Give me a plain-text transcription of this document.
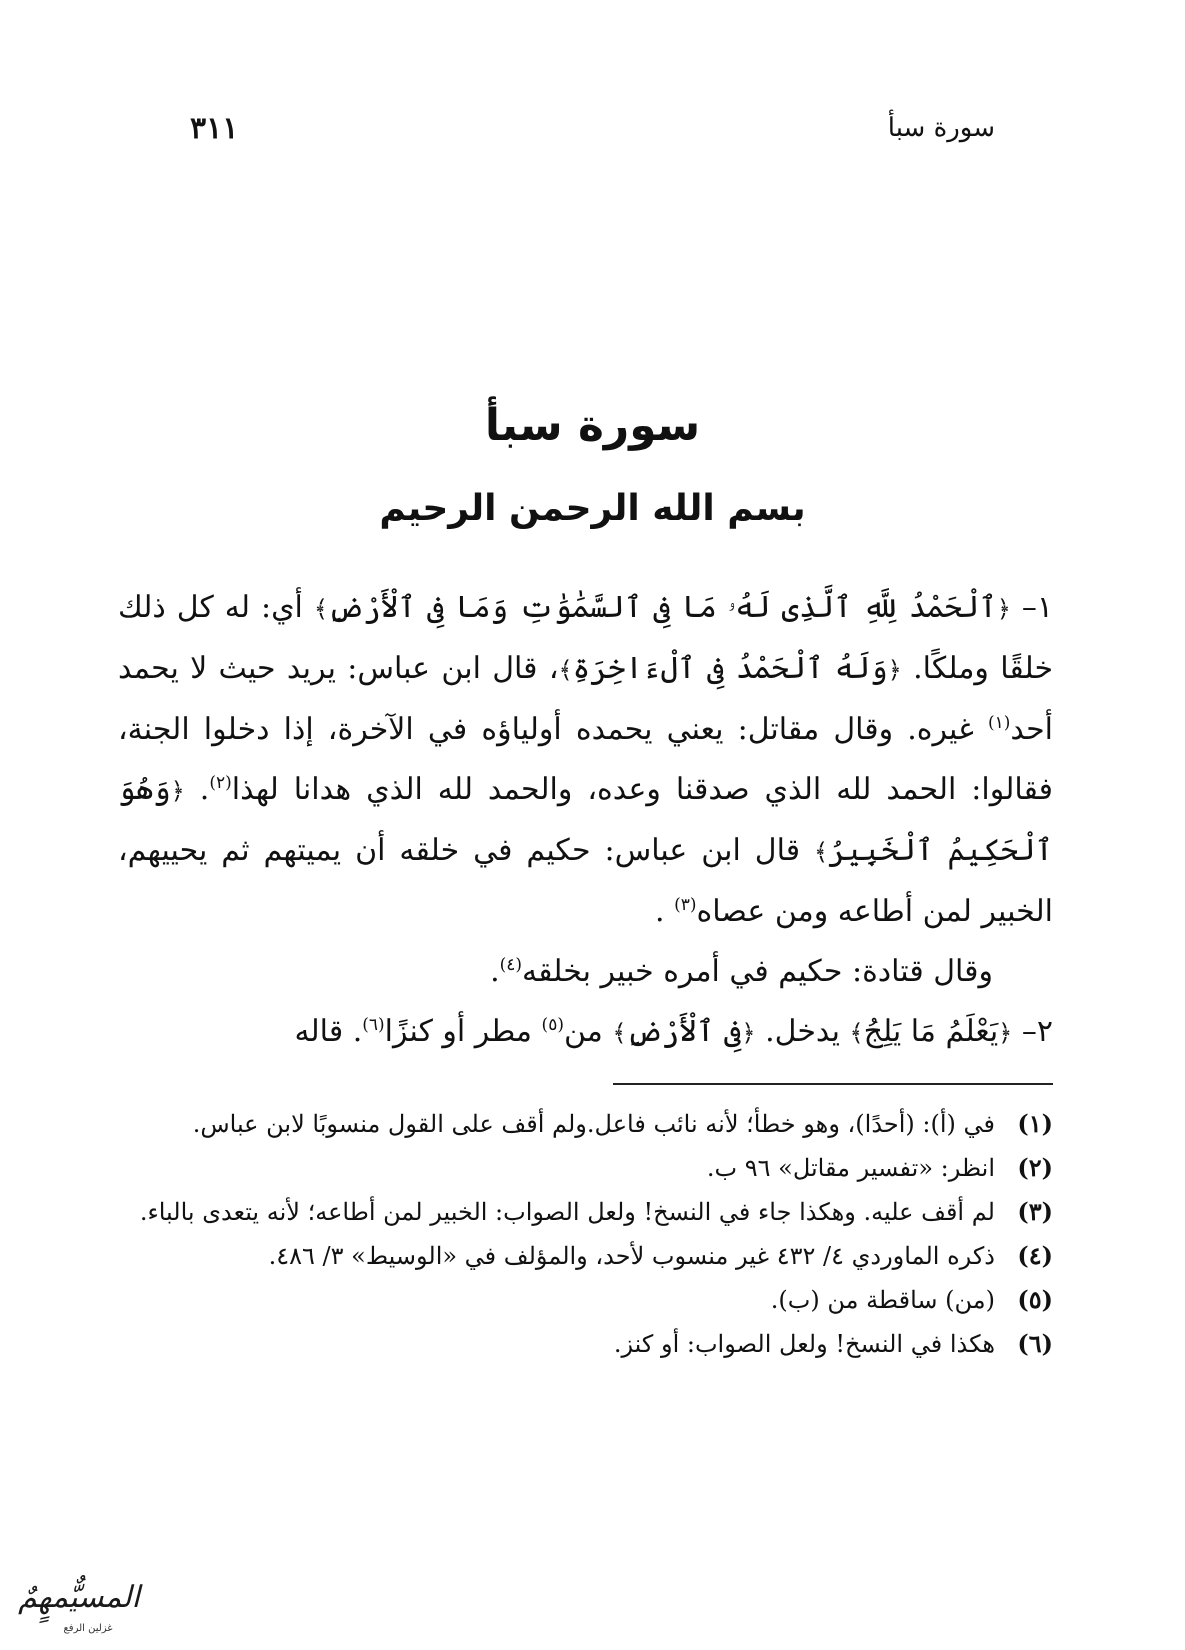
سورة سبأ
٣١١
سورة سبأ
بسم الله الرحمن الرحيم

١– ﴿ٱلْحَمْدُ لِلَّهِ ٱلَّذِى لَهُۥ مَا فِى ٱلسَّمَٰوَٰتِ وَمَا فِى ٱلْأَرْضِ﴾ أي: له كل ذلك خلقًا وملكًا. ﴿وَلَهُ ٱلْحَمْدُ فِى ٱلْءَاخِرَةِ﴾، قال ابن عباس: يريد حيث لا يحمد أحد$^{(١)}$ غيره. وقال مقاتل: يعني يحمده أولياؤه في الآخرة، إذا دخلوا الجنة، فقالوا: الحمد لله الذي صدقنا وعده، والحمد لله الذي هدانا لهذا$^{(٢)}$. ﴿وَهُوَ ٱلْحَكِيمُ ٱلْخَبِيرُ﴾ قال ابن عباس: حكيم في خلقه أن يميتهم ثم يحييهم، الخبير لمن أطاعه ومن عصاه$^{(٣)}$ .

وقال قتادة: حكيم في أمره خبير بخلقه$^{(٤)}$.

٢– ﴿يَعْلَمُ مَا يَلِجُ﴾ يدخل. ﴿فِى ٱلْأَرْضِ﴾ من$^{(٥)}$ مطر أو كنزًا$^{(٦)}$. قاله

(١)
في (أ): (أحدًا)، وهو خطأ؛ لأنه نائب فاعل.ولم أقف على القول منسوبًا لابن عباس.
(٢)
انظر: «تفسير مقاتل» ٩٦ ب.
(٣)
لم أقف عليه. وهكذا جاء في النسخ! ولعل الصواب: الخبير لمن أطاعه؛ لأنه يتعدى بالباء.
(٤)
ذكره الماوردي ٤/ ٤٣٢ غير منسوب لأحد، والمؤلف في «الوسيط» ٣/ ٤٨٦.
(٥)
(من) ساقطة من (ب).
(٦)
هكذا في النسخ! ولعل الصواب: أو كنز.
المسيٌّمهٍمٌ
غزلين الرفع
